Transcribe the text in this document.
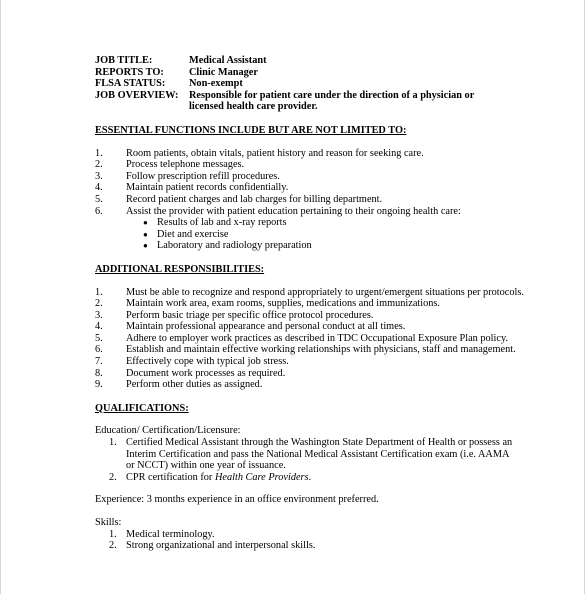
JOB TITLE:	Medical Assistant
REPORTS TO:	Clinic Manager
FLSA STATUS:	Non-exempt
JOB OVERVIEW:	Responsible for patient care under the direction of a physician or licensed health care provider.
ESSENTIAL FUNCTIONS INCLUDE BUT ARE NOT LIMITED TO:
1.	Room patients, obtain vitals, patient history and reason for seeking care.
2.	Process telephone messages.
3.	Follow prescription refill procedures.
4.	Maintain patient records confidentially.
5.	Record patient charges and lab charges for billing department.
6.	Assist the provider with patient education pertaining to their ongoing health care:
● Results of lab and x-ray reports
● Diet and exercise
● Laboratory and radiology preparation
ADDITIONAL RESPONSIBILITIES:
1.	Must be able to recognize and respond appropriately to urgent/emergent situations per protocols.
2.	Maintain work area, exam rooms, supplies, medications and immunizations.
3.	Perform basic triage per specific office protocol procedures.
4.	Maintain professional appearance and personal conduct at all times.
5.	Adhere to employer work practices as described in TDC Occupational Exposure Plan policy.
6.	Establish and maintain effective working relationships with physicians, staff and management.
7.	Effectively cope with typical job stress.
8.	Document work processes as required.
9.	Perform other duties as assigned.
QUALIFICATIONS:
Education/ Certification/Licensure:
1. Certified Medical Assistant through the Washington State Department of Health or possess an Interim Certification and pass the National Medical Assistant Certification exam (i.e. AAMA or NCCT) within one year of issuance.
2. CPR certification for Health Care Providers.
Experience: 3 months experience in an office environment preferred.
Skills:
1. Medical terminology.
2. Strong organizational and interpersonal skills.
